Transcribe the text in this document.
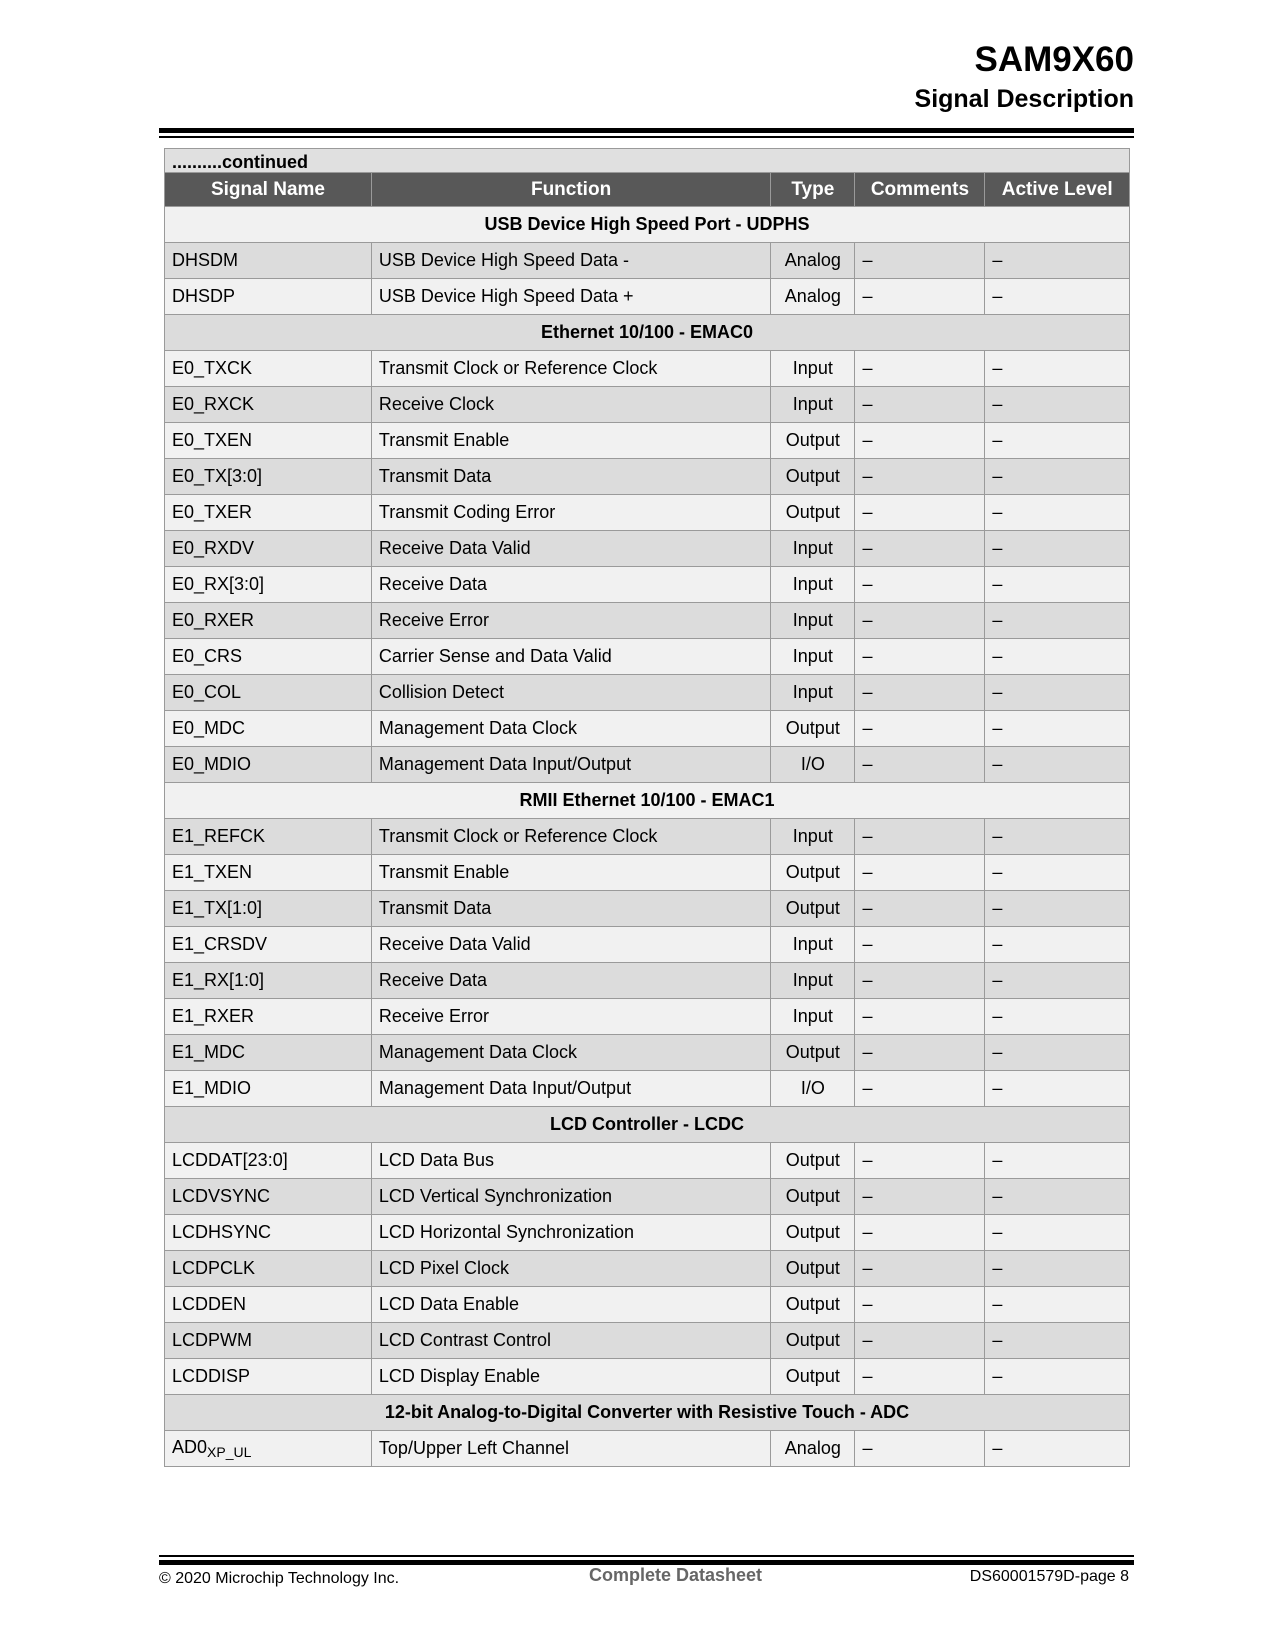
SAM9X60
Signal Description
..........continued				
Signal Name	Function	Type	Comments	Active Level
USB Device High Speed Port - UDPHS				
DHSDM	USB Device High Speed Data -	Analog	–	–
DHSDP	USB Device High Speed Data +	Analog	–	–
Ethernet 10/100 - EMAC0				
E0_TXCK	Transmit Clock or Reference Clock	Input	–	–
E0_RXCK	Receive Clock	Input	–	–
E0_TXEN	Transmit Enable	Output	–	–
E0_TX[3:0]	Transmit Data	Output	–	–
E0_TXER	Transmit Coding Error	Output	–	–
E0_RXDV	Receive Data Valid	Input	–	–
E0_RX[3:0]	Receive Data	Input	–	–
E0_RXER	Receive Error	Input	–	–
E0_CRS	Carrier Sense and Data Valid	Input	–	–
E0_COL	Collision Detect	Input	–	–
E0_MDC	Management Data Clock	Output	–	–
E0_MDIO	Management Data Input/Output	I/O	–	–
RMII Ethernet 10/100 - EMAC1				
E1_REFCK	Transmit Clock or Reference Clock	Input	–	–
E1_TXEN	Transmit Enable	Output	–	–
E1_TX[1:0]	Transmit Data	Output	–	–
E1_CRSDV	Receive Data Valid	Input	–	–
E1_RX[1:0]	Receive Data	Input	–	–
E1_RXER	Receive Error	Input	–	–
E1_MDC	Management Data Clock	Output	–	–
E1_MDIO	Management Data Input/Output	I/O	–	–
LCD Controller - LCDC				
LCDDAT[23:0]	LCD Data Bus	Output	–	–
LCDVSYNC	LCD Vertical Synchronization	Output	–	–
LCDHSYNC	LCD Horizontal Synchronization	Output	–	–
LCDPCLK	LCD Pixel Clock	Output	–	–
LCDDEN	LCD Data Enable	Output	–	–
LCDPWM	LCD Contrast Control	Output	–	–
LCDDISP	LCD Display Enable	Output	–	–
12-bit Analog-to-Digital Converter with Resistive Touch - ADC				
$AD0_{XP\_UL}$	Top/Upper Left Channel	Analog	–	–
© 2020 Microchip Technology Inc.	Complete Datasheet	DS60001579D-page 8
